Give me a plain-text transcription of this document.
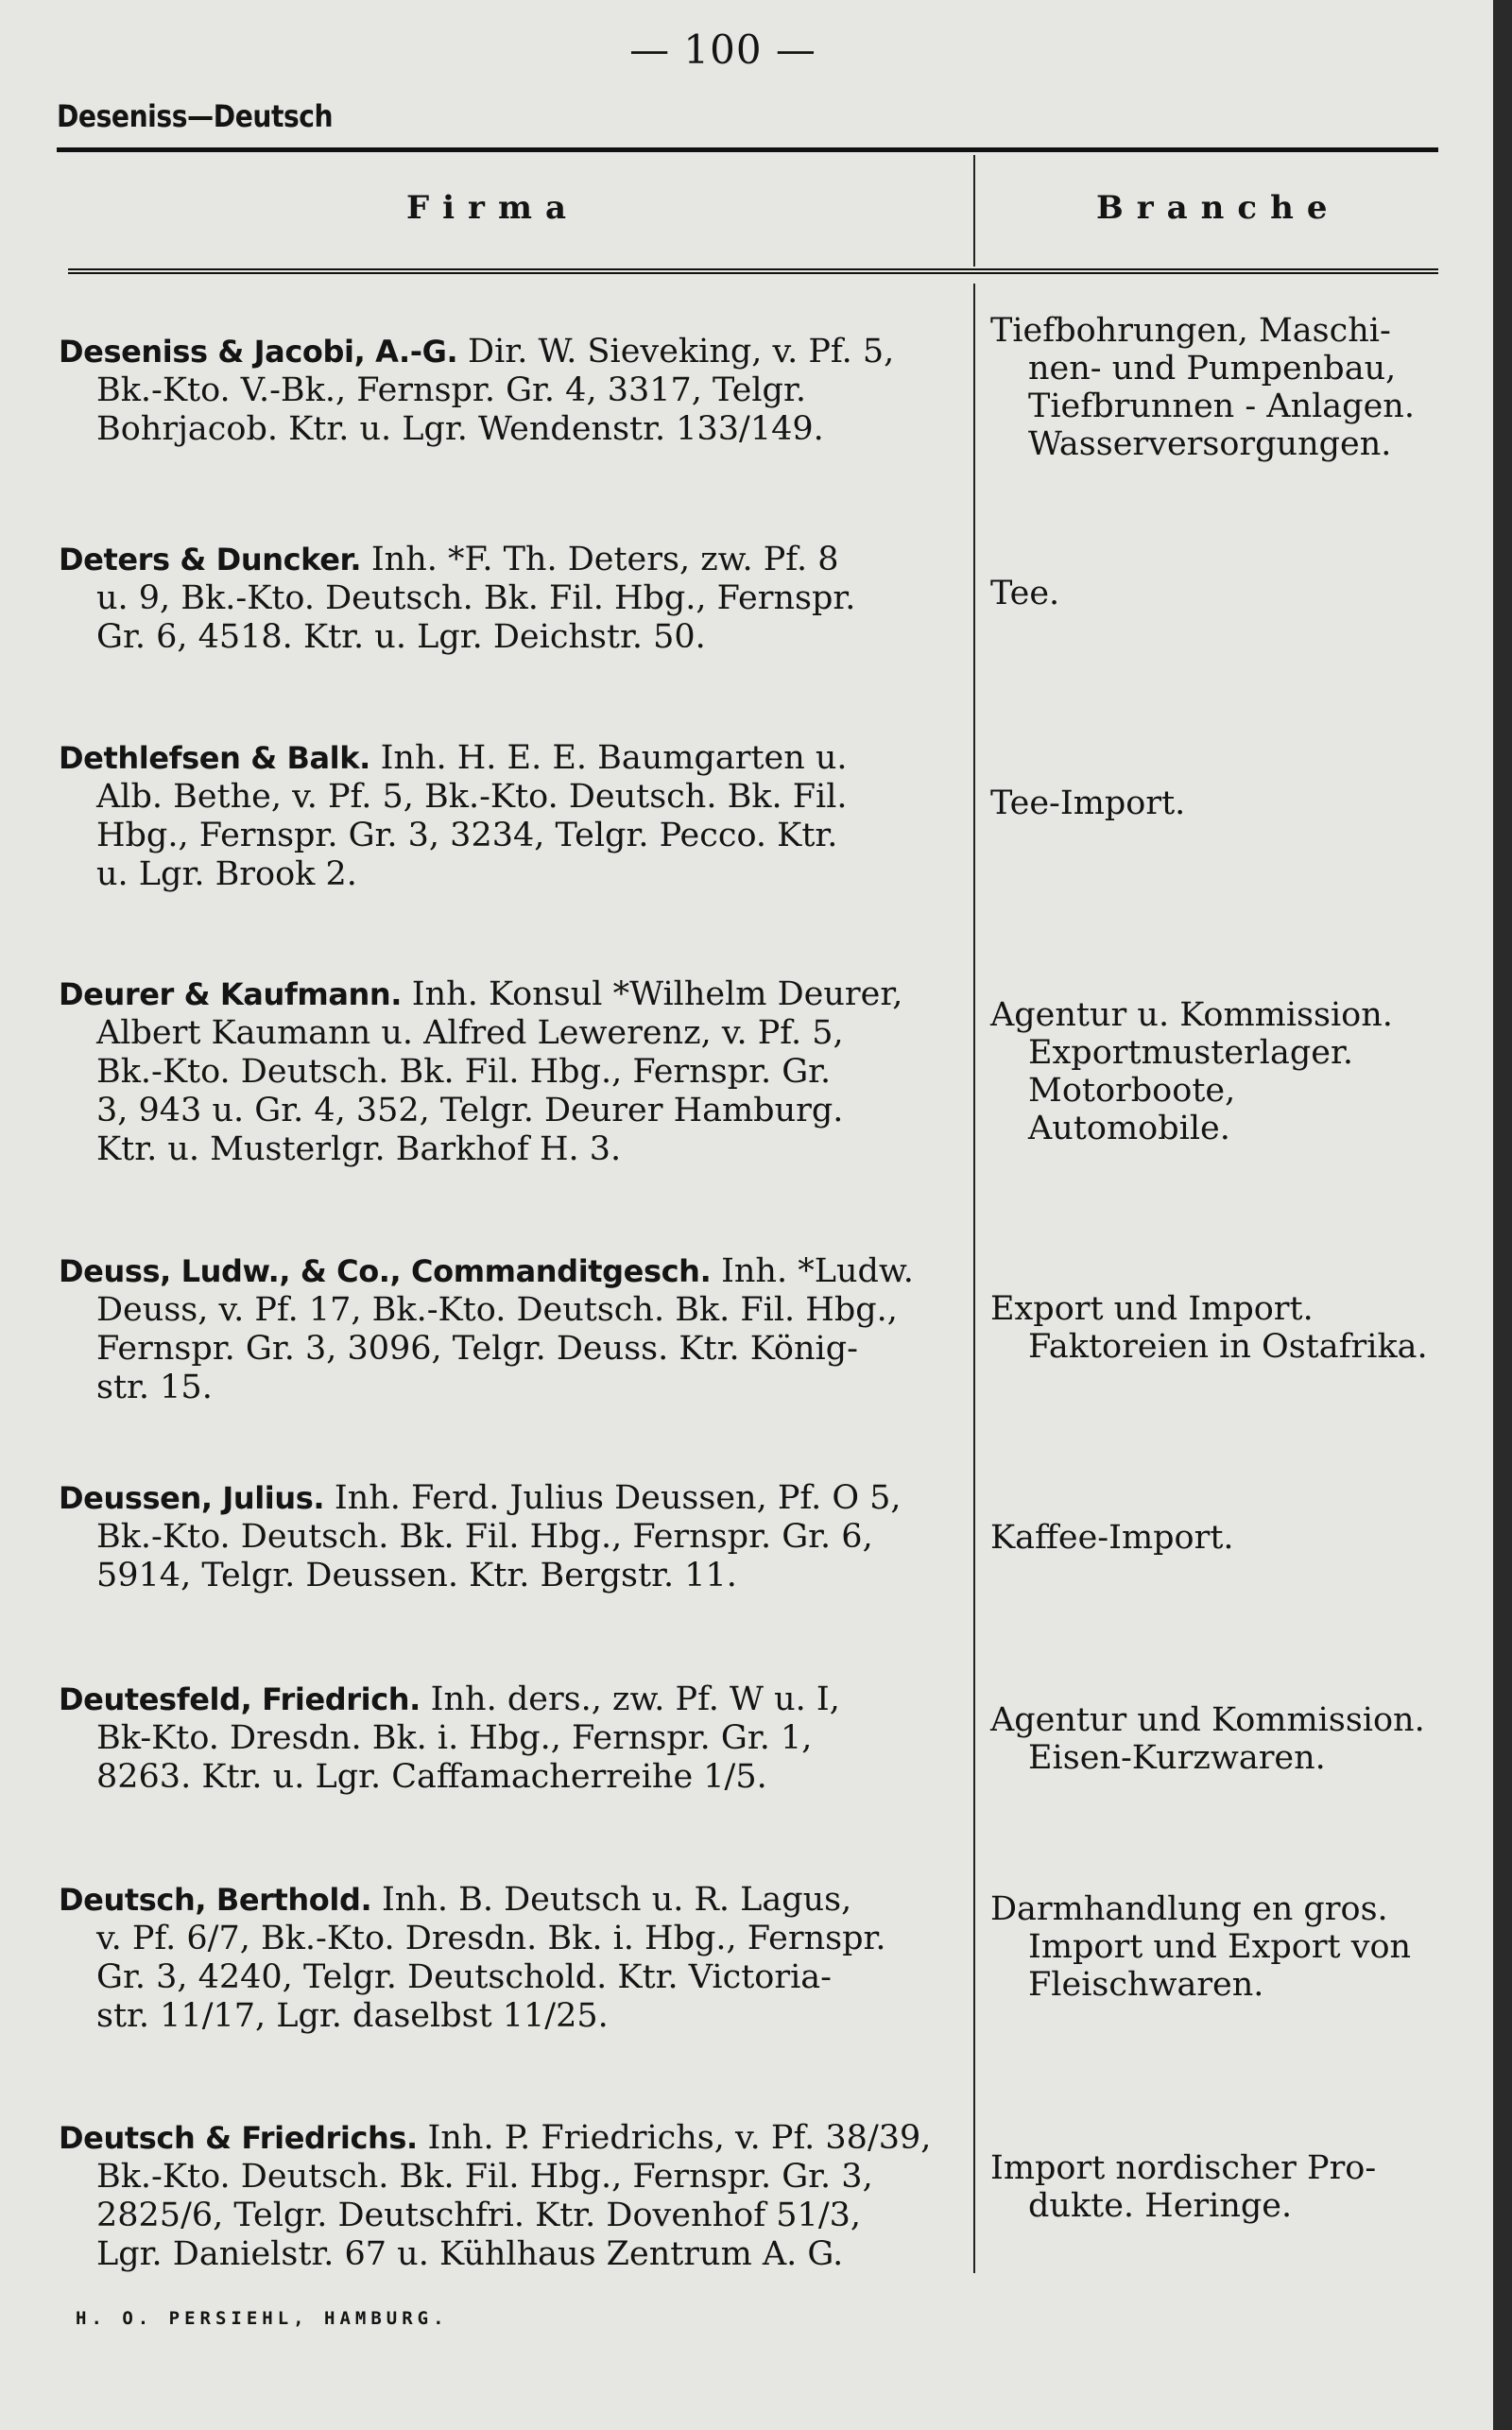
— 100 —
Deseniss—Deutsch
Firma	Branche
Deseniss & Jacobi, A.-G. Dir. W. Sieveking, v. Pf. 5,
Bk.-Kto. V.-Bk., Fernspr. Gr. 4, 3317, Telgr.
Bohrjacob. Ktr. u. Lgr. Wendenstr. 133/149.
Tiefbohrungen, Maschi-
nen- und Pumpenbau,
Tiefbrunnen - Anlagen.
Wasserversorgungen.
Deters & Duncker. Inh. *F. Th. Deters, zw. Pf. 8
u. 9, Bk.-Kto. Deutsch. Bk. Fil. Hbg., Fernspr.
Gr. 6, 4518. Ktr. u. Lgr. Deichstr. 50.
Tee.
Dethlefsen & Balk. Inh. H. E. E. Baumgarten u.
Alb. Bethe, v. Pf. 5, Bk.-Kto. Deutsch. Bk. Fil.
Hbg., Fernspr. Gr. 3, 3234, Telgr. Pecco. Ktr.
u. Lgr. Brook 2.
Tee-Import.
Deurer & Kaufmann. Inh. Konsul *Wilhelm Deurer,
Albert Kaumann u. Alfred Lewerenz, v. Pf. 5,
Bk.-Kto. Deutsch. Bk. Fil. Hbg., Fernspr. Gr.
3, 943 u. Gr. 4, 352, Telgr. Deurer Hamburg.
Ktr. u. Musterlgr. Barkhof H. 3.
Agentur u. Kommission.
Exportmusterlager.
Motorboote,
Automobile.
Deuss, Ludw., & Co., Commanditgesch. Inh. *Ludw.
Deuss, v. Pf. 17, Bk.-Kto. Deutsch. Bk. Fil. Hbg.,
Fernspr. Gr. 3, 3096, Telgr. Deuss. Ktr. König-
str. 15.
Export und Import.
Faktoreien in Ostafrika.
Deussen, Julius. Inh. Ferd. Julius Deussen, Pf. O 5,
Bk.-Kto. Deutsch. Bk. Fil. Hbg., Fernspr. Gr. 6,
5914, Telgr. Deussen. Ktr. Bergstr. 11.
Kaffee-Import.
Deutesfeld, Friedrich. Inh. ders., zw. Pf. W u. I,
Bk-Kto. Dresdn. Bk. i. Hbg., Fernspr. Gr. 1,
8263. Ktr. u. Lgr. Caffamacherreihe 1/5.
Agentur und Kommission.
Eisen-Kurzwaren.
Deutsch, Berthold. Inh. B. Deutsch u. R. Lagus,
v. Pf. 6/7, Bk.-Kto. Dresdn. Bk. i. Hbg., Fernspr.
Gr. 3, 4240, Telgr. Deutschold. Ktr. Victoria-
str. 11/17, Lgr. daselbst 11/25.
Darmhandlung en gros.
Import und Export von
Fleischwaren.
Deutsch & Friedrichs. Inh. P. Friedrichs, v. Pf. 38/39,
Bk.-Kto. Deutsch. Bk. Fil. Hbg., Fernspr. Gr. 3,
2825/6, Telgr. Deutschfri. Ktr. Dovenhof 51/3,
Lgr. Danielstr. 67 u. Kühlhaus Zentrum A. G.
Import nordischer Pro-
dukte. Heringe.
H. O. PERSIEHL, HAMBURG.
